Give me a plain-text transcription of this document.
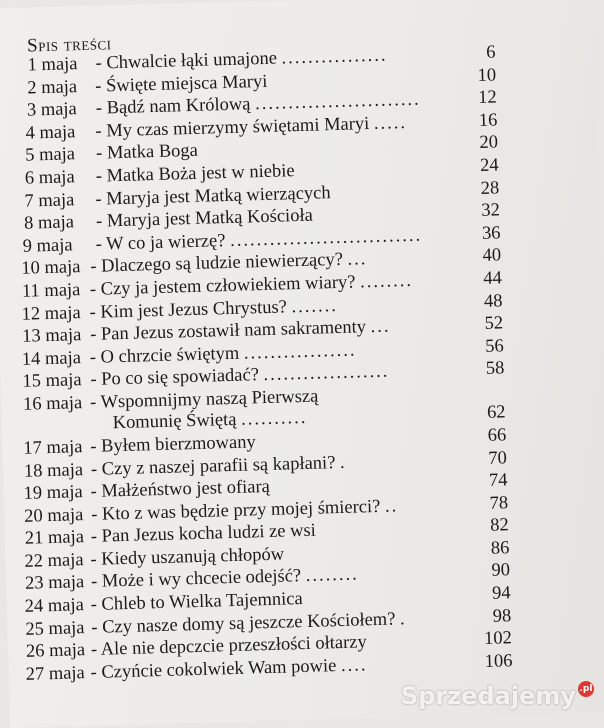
Spis treści
1 maja - Chwalcie łąki umajone ................	6
2 maja - Święte miejsca Maryi	10
3 maja - Bądź nam Królową .........................	12
4 maja - My czas mierzymy świętami Maryi .....	16
5 maja - Matka Boga	20
6 maja - Matka Boża jest w niebie	24
7 maja - Maryja jest Matką wierzących	28
8 maja - Maryja jest Matką Kościoła	32
9 maja - W co ja wierzę? .............................	36
10 maja - Dlaczego są ludzie niewierzący? ...	40
11 maja - Czy ja jestem człowiekiem wiary? ........	44
12 maja - Kim jest Jezus Chrystus? .......	48
13 maja - Pan Jezus zostawił nam sakramenty ...	52
14 maja - O chrzcie świętym .................	56
15 maja - Po co się spowiadać? ...................	58
16 maja - Wspomnijmy naszą Pierwszą
Komunię Świętą ..........	62
17 maja - Byłem bierzmowany	66
18 maja - Czy z naszej parafii są kapłani? .	70
19 maja - Małżeństwo jest ofiarą	74
20 maja - Kto z was będzie przy mojej śmierci? ..	78
21 maja - Pan Jezus kocha ludzi ze wsi	82
22 maja - Kiedy uszanują chłopów	86
23 maja - Może i wy chcecie odejść? ........	90
24 maja - Chleb to Wielka Tajemnica	94
25 maja - Czy nasze domy są jeszcze Kościołem? .	98
26 maja - Ale nie depczcie przeszłości ołtarzy	102
27 maja - Czyńcie cokolwiek Wam powie ....	106
Sprzedajemy .pl
